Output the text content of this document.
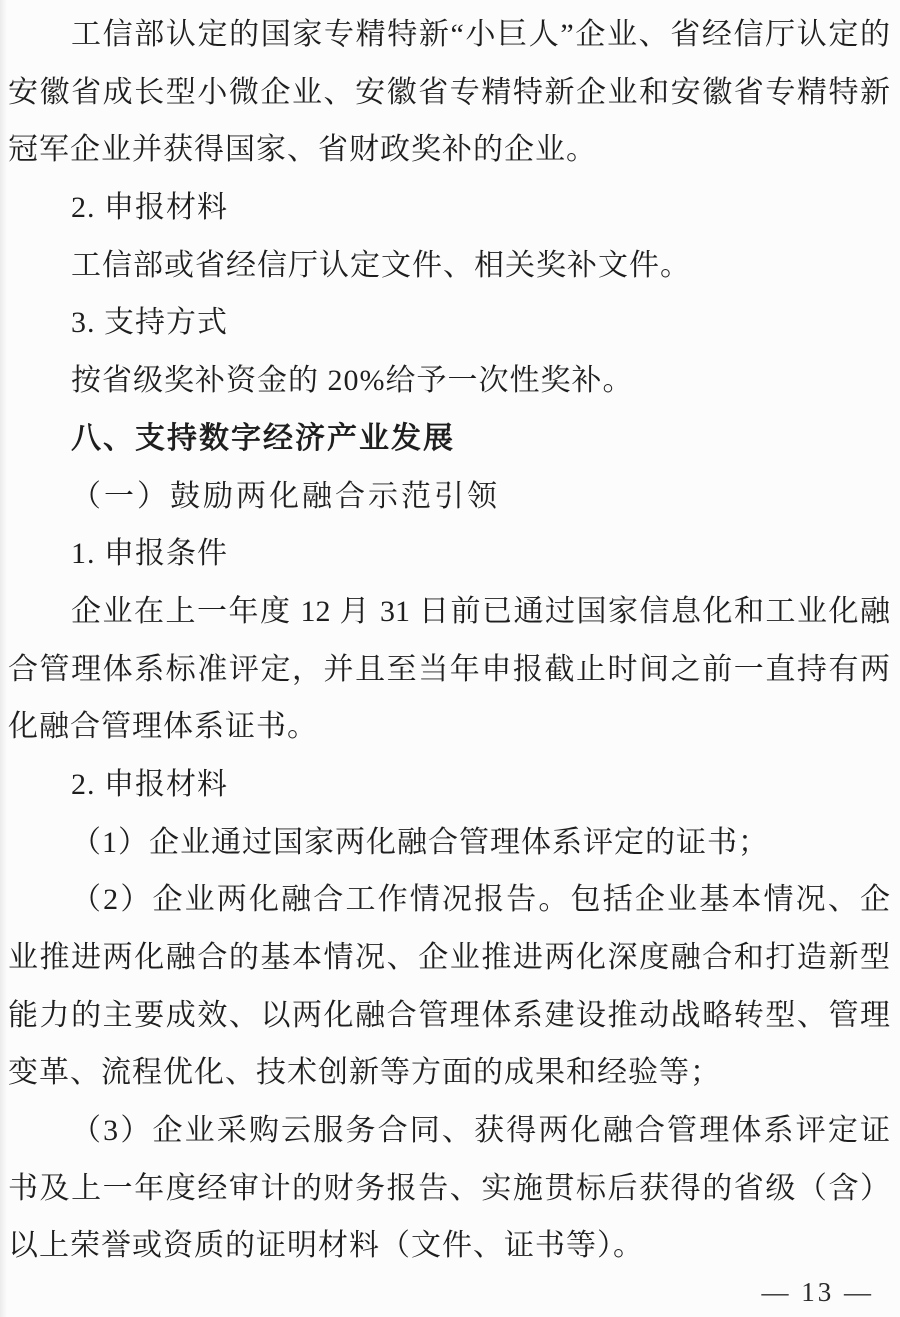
工信部认定的国家专精特新“小巨人”企业、省经信厅认定的
安徽省成长型小微企业、安徽省专精特新企业和安徽省专精特新
冠军企业并获得国家、省财政奖补的企业。
2. 申报材料
工信部或省经信厅认定文件、相关奖补文件。
3. 支持方式
按省级奖补资金的 20%给予一次性奖补。
八、支持数字经济产业发展
（一）鼓励两化融合示范引领
1. 申报条件
企业在上一年度 12 月 31 日前已通过国家信息化和工业化融
合管理体系标准评定，并且至当年申报截止时间之前一直持有两
化融合管理体系证书。
2. 申报材料
（1）企业通过国家两化融合管理体系评定的证书；
（2）企业两化融合工作情况报告。包括企业基本情况、企
业推进两化融合的基本情况、企业推进两化深度融合和打造新型
能力的主要成效、以两化融合管理体系建设推动战略转型、管理
变革、流程优化、技术创新等方面的成果和经验等；
（3）企业采购云服务合同、获得两化融合管理体系评定证
书及上一年度经审计的财务报告、实施贯标后获得的省级（含）
以上荣誉或资质的证明材料（文件、证书等）。
— 13 —
